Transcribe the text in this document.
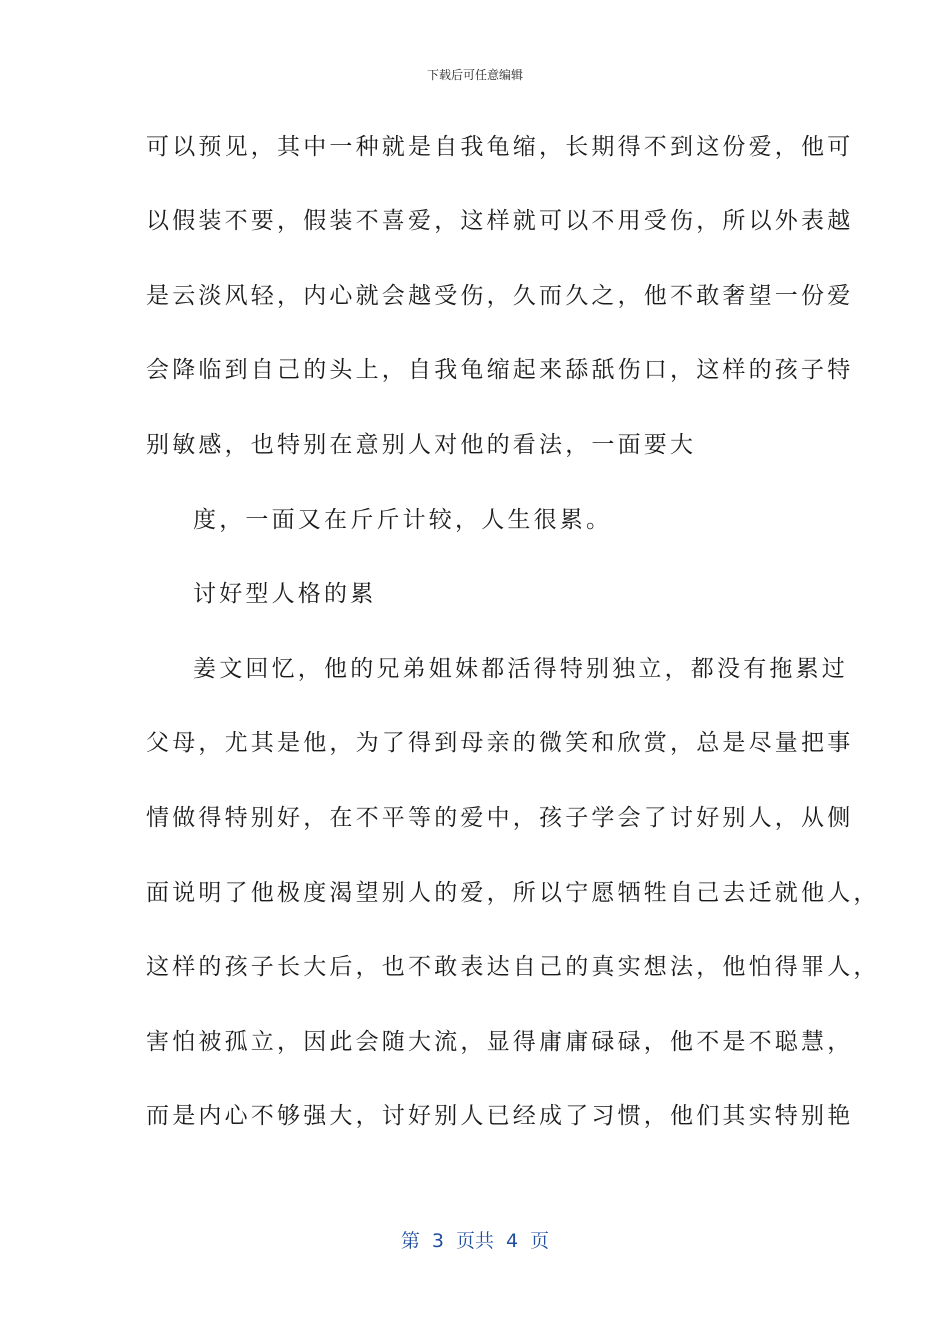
下载后可任意编辑
可以预见，其中一种就是自我龟缩，长期得不到这份爱，他可
以假装不要，假装不喜爱，这样就可以不用受伤，所以外表越
是云淡风轻，内心就会越受伤，久而久之，他不敢奢望一份爱
会降临到自己的头上，自我龟缩起来舔舐伤口，这样的孩子特
别敏感，也特别在意别人对他的看法，一面要大
度，一面又在斤斤计较，人生很累。
讨好型人格的累
姜文回忆，他的兄弟姐妹都活得特别独立，都没有拖累过
父母，尤其是他，为了得到母亲的微笑和欣赏，总是尽量把事
情做得特别好，在不平等的爱中，孩子学会了讨好别人，从侧
面说明了他极度渴望别人的爱，所以宁愿牺牲自己去迁就他人，
这样的孩子长大后，也不敢表达自己的真实想法，他怕得罪人，
害怕被孤立，因此会随大流，显得庸庸碌碌，他不是不聪慧，
而是内心不够强大，讨好别人已经成了习惯，他们其实特别艳
第 3 页共 4 页
